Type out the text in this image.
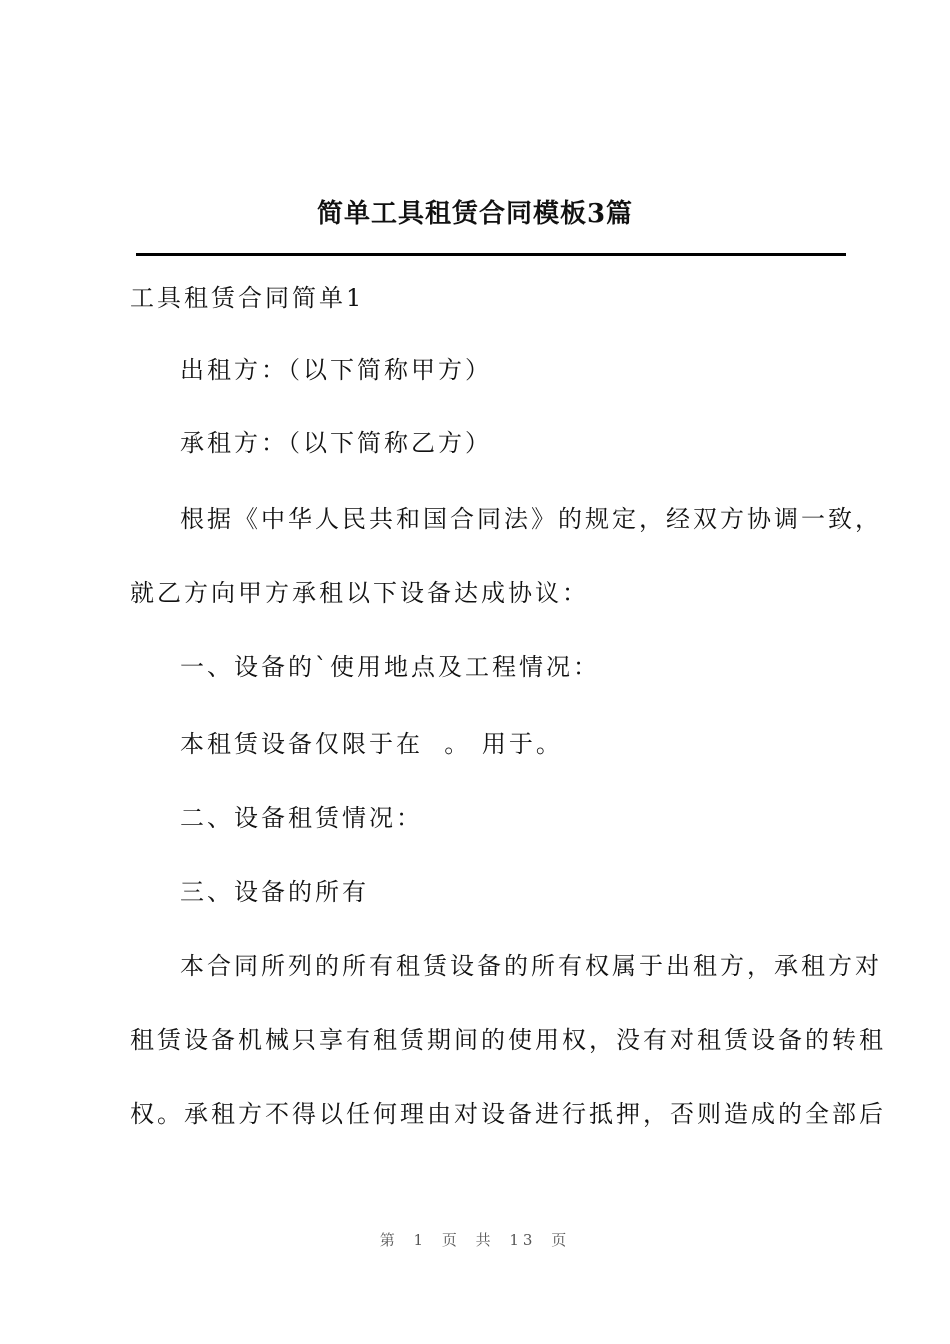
简单工具租赁合同模板3篇
工具租赁合同简单1
出租方：（以下简称甲方）
承租方：（以下简称乙方）
根据《中华人民共和国合同法》的规定，经双方协调一致，
就乙方向甲方承租以下设备达成协议：
一、设备的`使用地点及工程情况：
本租赁设备仅限于在  。 用于。
二、设备租赁情况：
三、设备的所有
本合同所列的所有租赁设备的所有权属于出租方，承租方对
租赁设备机械只享有租赁期间的使用权，没有对租赁设备的转租
权。承租方不得以任何理由对设备进行抵押，否则造成的全部后
第 1 页 共 13 页
